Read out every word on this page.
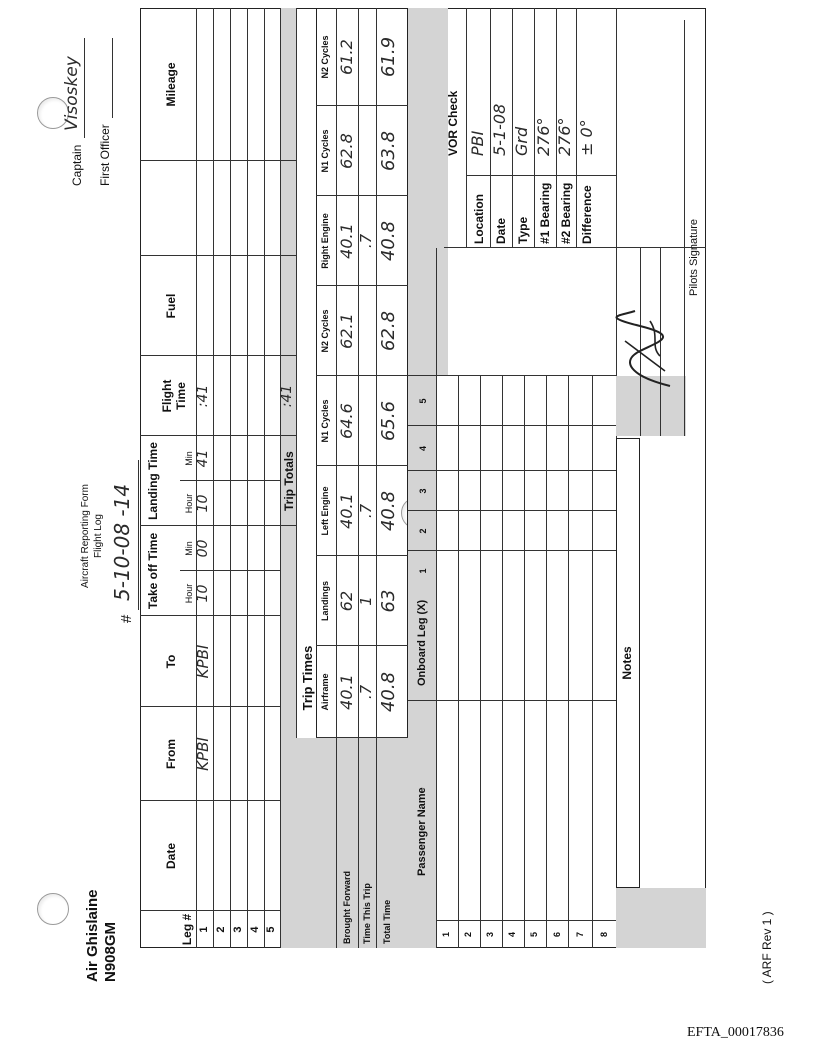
EFTA_00017836
Air Ghislaine N908GM
Aircraft Reporting Form Flight Log
#
5-10-08 -14
Captain
Visoskey
First Officer
Leg #
Date
From
To
Take off Time	Hour
Min
Landing Time	Hour
Min
Flight Time
Fuel
Mileage
1 2 3 4 5
KPBI
KPBI
10
00
10
41
:41
Trip Totals
:41
Trip Times Airframe
Landings
Left Engine
N1 Cycles
N2 Cycles
Right Engine
N1 Cycles
N2 Cycles
Brought Forward Time This Trip Total Time
40.1
62
40.1
64.6
62.1
40.1
62.8
61.2
.7
1
.7
.7
40.8
63
40.8
65.6
62.8
40.8
63.8
61.9
Passenger Name
Onboard Leg (X)
1
2
3
4
5
1 2 3 4 5 6 7 8
VOR Check
Location Date Type #1 Bearing #2 Bearing Difference
PBI 5-1-08 Grd 276° 276° ± 0°
Notes
Pilots Signature
( ARF Rev 1 )
